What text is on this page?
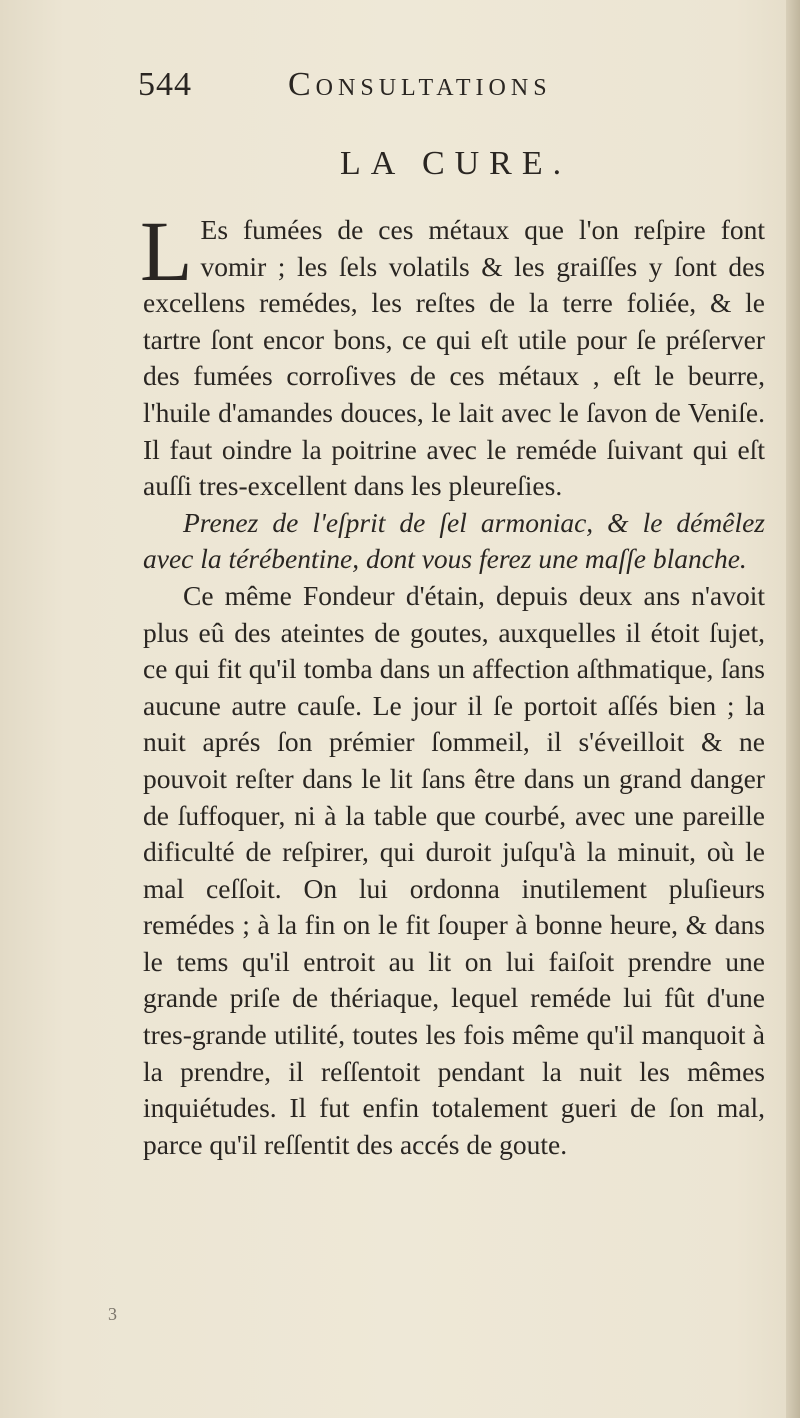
544	Consultations
LA CURE.

L Es fumées de ces métaux que l'on reſpire font vomir ; les ſels volatils & les graiſſes y ſont des excellens remédes, les reſtes de la terre foliée, & le tartre ſont encor bons, ce qui eſt utile pour ſe préſerver des fumées corroſives de ces métaux , eſt le beurre, l'huile d'amandes douces, le lait avec le ſavon de Veniſe. Il faut oindre la poitrine avec le reméde ſuivant qui eſt auſſi tres-excellent dans les pleureſies.

Prenez de l'eſprit de ſel armoniac, & le démêlez avec la térébentine, dont vous ferez une maſſe blanche.

Ce même Fondeur d'étain, depuis deux ans n'avoit plus eû des ateintes de goutes, auxquelles il étoit ſujet, ce qui fit qu'il tomba dans un affection aſthmatique, ſans aucune autre cauſe. Le jour il ſe portoit aſſés bien ; la nuit aprés ſon prémier ſommeil, il s'éveilloit & ne pouvoit reſter dans le lit ſans être dans un grand danger de ſuffoquer, ni à la table que courbé, avec une pareille dificulté de reſpirer, qui duroit juſqu'à la minuit, où le mal ceſſoit. On lui ordonna inutilement pluſieurs remédes ; à la fin on le fit ſouper à bonne heure, & dans le tems qu'il entroit au lit on lui faiſoit prendre une grande priſe de thériaque, lequel reméde lui fût d'une tres-grande utilité, toutes les fois même qu'il manquoit à la prendre, il reſſentoit pendant la nuit les mêmes inquiétudes. Il fut enfin totalement gueri de ſon mal, parce qu'il reſſentit des accés de goute.

3
